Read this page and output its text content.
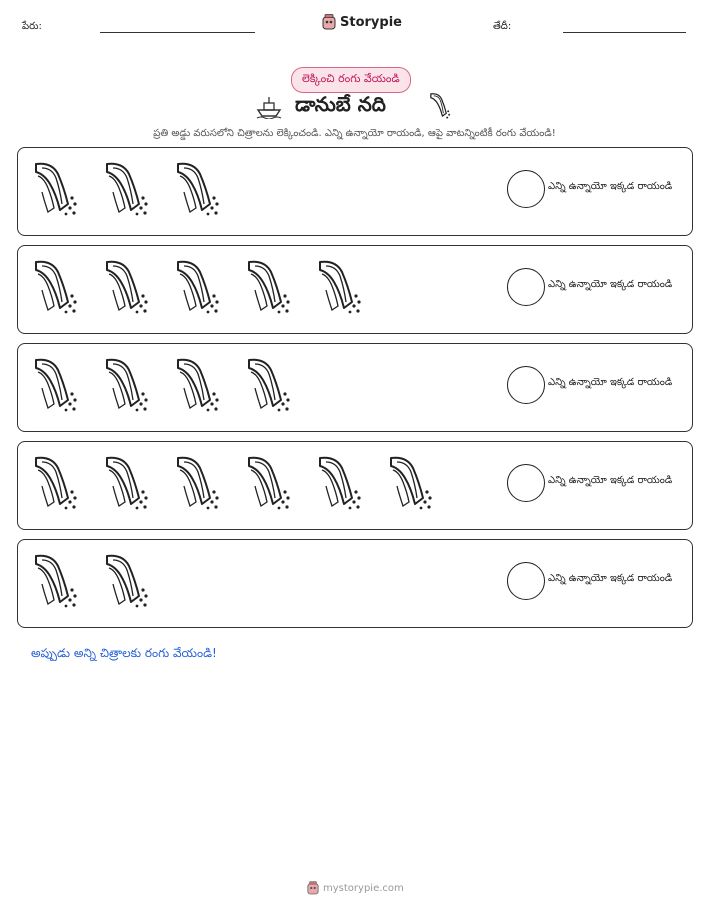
పేరు:	Storypie	తేదీ:
లెక్కించి రంగు వేయండి
డానుబే నది
ప్రతి అడ్డు వరుసలోని చిత్రాలను లెక్కించండి. ఎన్ని ఉన్నాయో రాయండి, ఆపై వాటన్నింటికీ రంగు వేయండి!
ఎన్ని ఉన్నాయో ఇక్కడ రాయండి
ఎన్ని ఉన్నాయో ఇక్కడ రాయండి
ఎన్ని ఉన్నాయో ఇక్కడ రాయండి
ఎన్ని ఉన్నాయో ఇక్కడ రాయండి
ఎన్ని ఉన్నాయో ఇక్కడ రాయండి
అప్పుడు అన్ని చిత్రాలకు రంగు వేయండి!
mystorypie.com
